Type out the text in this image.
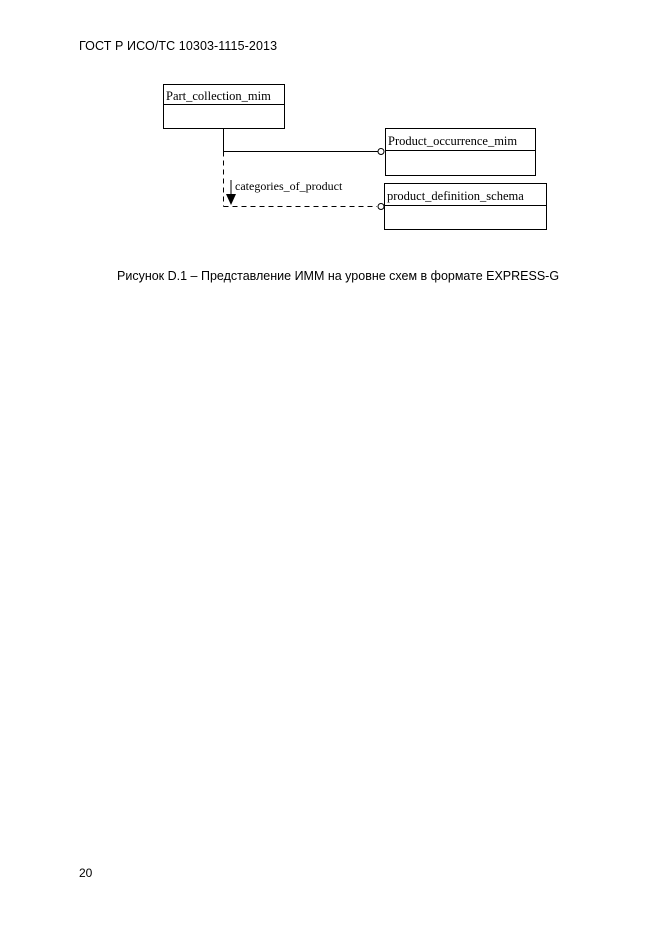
ГОСТ Р ИСО/ТС 10303-1115-2013
Part_collection_mim
Product_occurrence_mim
product_definition_schema
categories_of_product
Рисунок D.1 – Представление ИММ на уровне схем в формате EXPRESS-G
20
